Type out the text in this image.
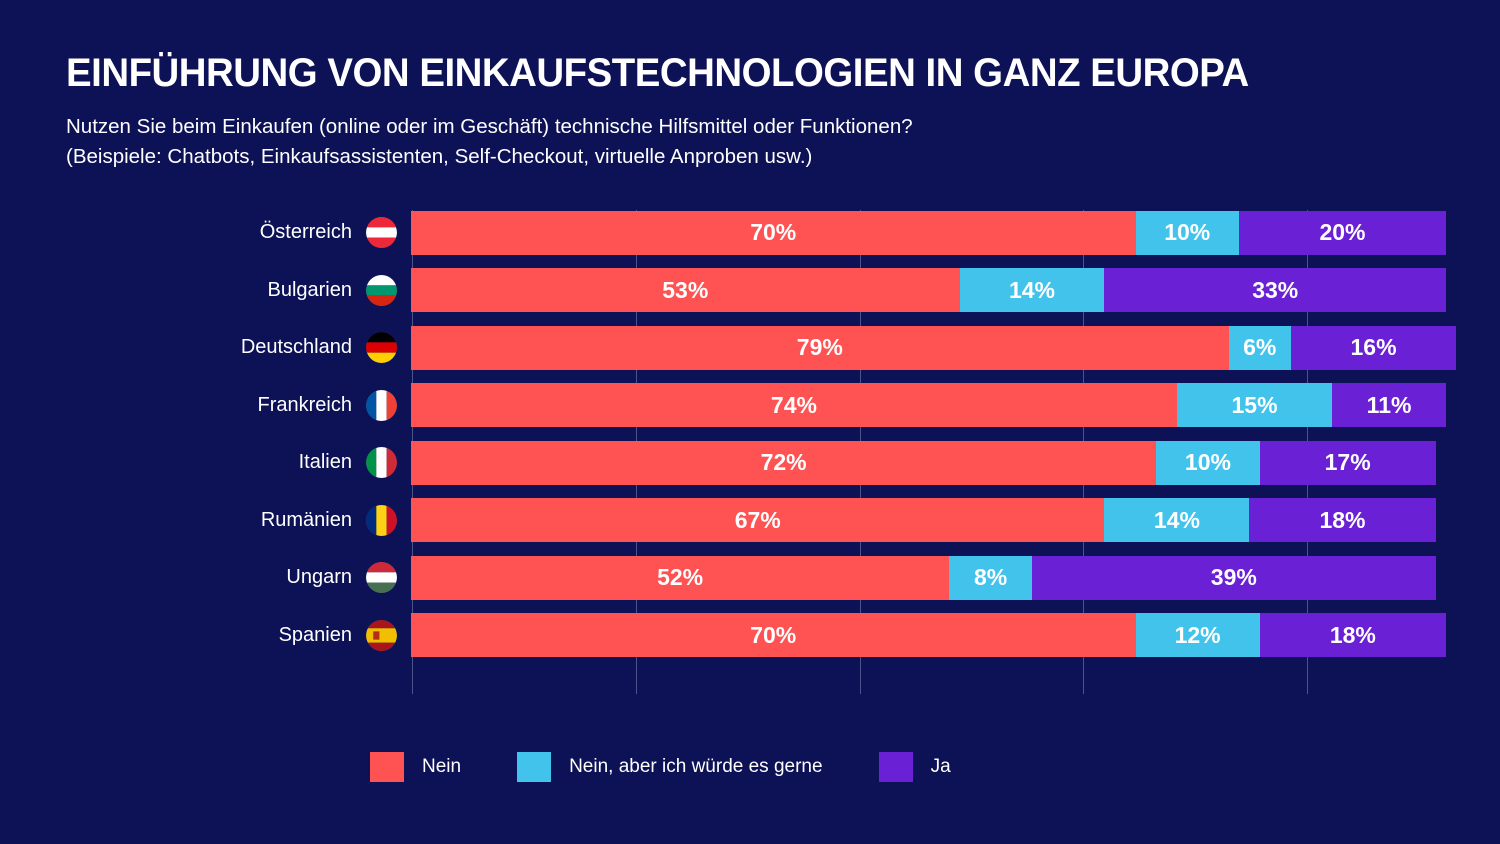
EINFÜHRUNG VON EINKAUFSTECHNOLOGIEN IN GANZ EUROPA

Nutzen Sie beim Einkaufen (online oder im Geschäft) technische Hilfsmittel oder Funktionen?
(Beispiele: Chatbots, Einkaufsassistenten, Self-Checkout, virtuelle Anproben usw.)

Österreich	70%	10%	20%
Bulgarien	53%	14%	33%
Deutschland	79%	6%	16%
Frankreich	74%	15%	11%
Italien	72%	10%	17%
Rumänien	67%	14%	18%
Ungarn	52%	8%	39%
Spanien	70%	12%	18%
Nein	Nein, aber ich würde es gerne	Ja
